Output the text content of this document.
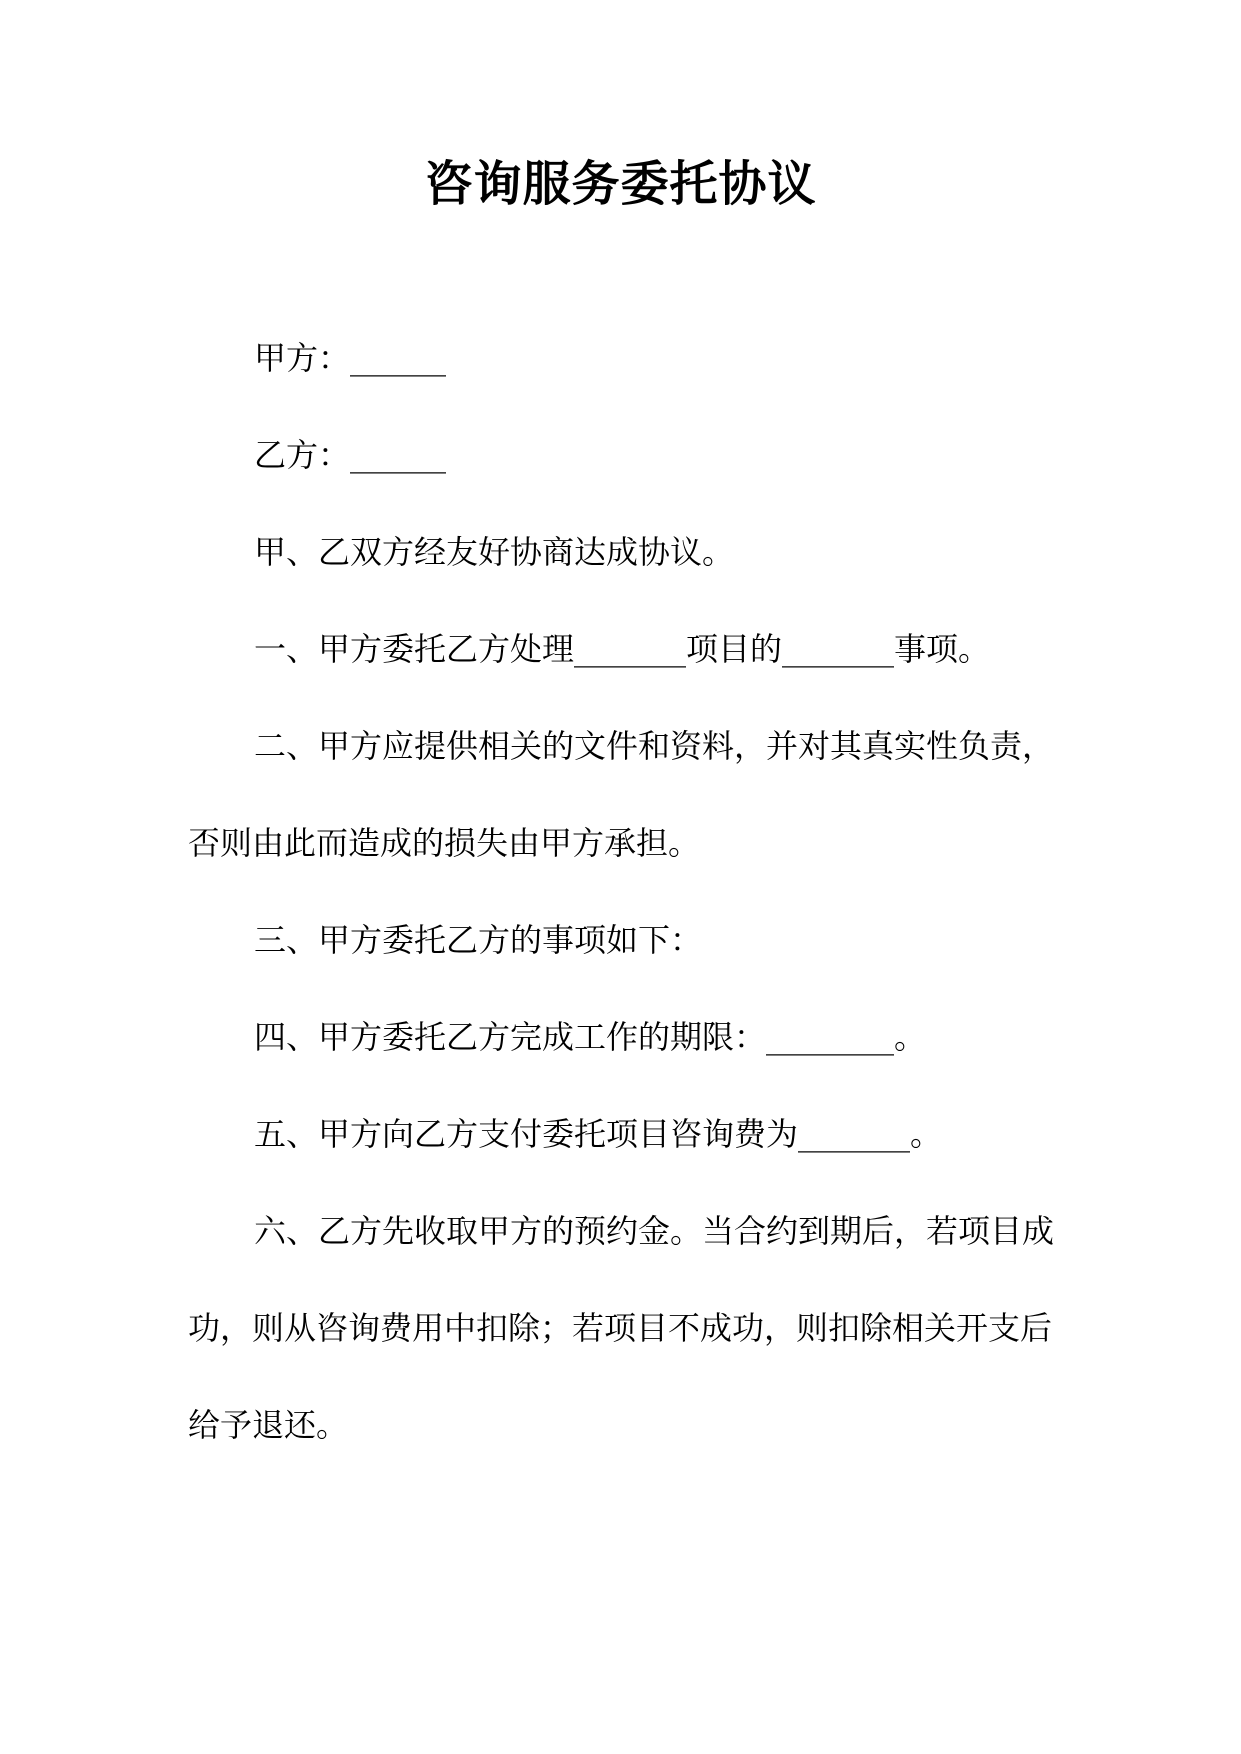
咨询服务委托协议

甲方：______

乙方：______

甲、乙双方经友好协商达成协议。

一、甲方委托乙方处理_______项目的_______事项。

二、甲方应提供相关的文件和资料，并对其真实性负责，否则由此而造成的损失由甲方承担。

三、甲方委托乙方的事项如下：

四、甲方委托乙方完成工作的期限：________。

五、甲方向乙方支付委托项目咨询费为_______。

六、乙方先收取甲方的预约金。当合约到期后，若项目成功，则从咨询费用中扣除；若项目不成功，则扣除相关开支后给予退还。
